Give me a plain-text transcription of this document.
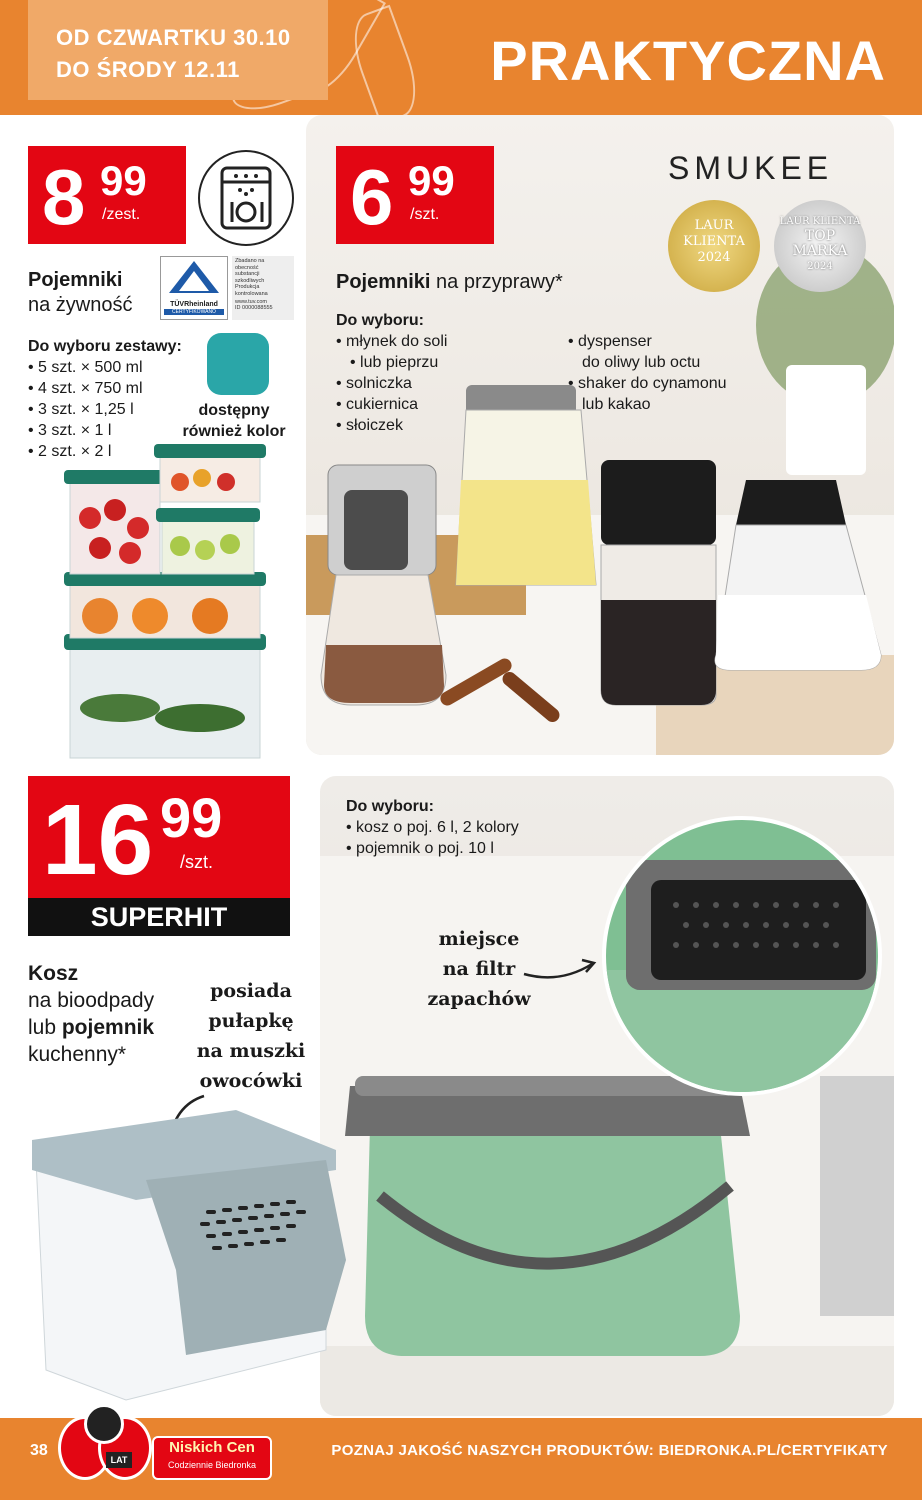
OD CZWARTKU 30.10
DO ŚRODY 12.11	PRAKTYCZNA
8 99
/zest.
Pojemniki
na żywność	TÜVRheinland
CERTYFIKOWANO
Zbadano na
obecność
substancji
szkodliwych
Produkcja
kontrolowana
www.tuv.com
ID 0000088555
Do wyboru zestawy:
• 5 szt. × 500 ml
• 4 szt. × 750 ml
• 3 szt. × 1,25 l
• 3 szt. × 1 l
• 2 szt. × 2 l
dostępny
również kolor
6 99
/szt.
SMUKEE
LAUR
KLIENTA
2024
LAUR KLIENTA
TOP
MARKA
2024
Pojemniki na przyprawy*
Do wyboru:
• młynek do soli
• lub pieprzu
• solniczka
• cukiernica
• słoiczek
• dyspenser
do oliwy lub octu
• shaker do cynamonu
lub kakao
Do wyboru:
• kosz o poj. 6 l, 2 kolory
• pojemnik o poj. 10 l
miejsce
na filtr
zapachów
16 99
/szt.
SUPERHIT
Kosz
na bioodpady
lub pojemnik
kuchenny*
posiada
pułapkę
na muszki
owocówki
38
LAT
Niskich Cen
Codziennie Biedronka
POZNAJ JAKOŚĆ NASZYCH PRODUKTÓW: BIEDRONKA.PL/CERTYFIKATY
